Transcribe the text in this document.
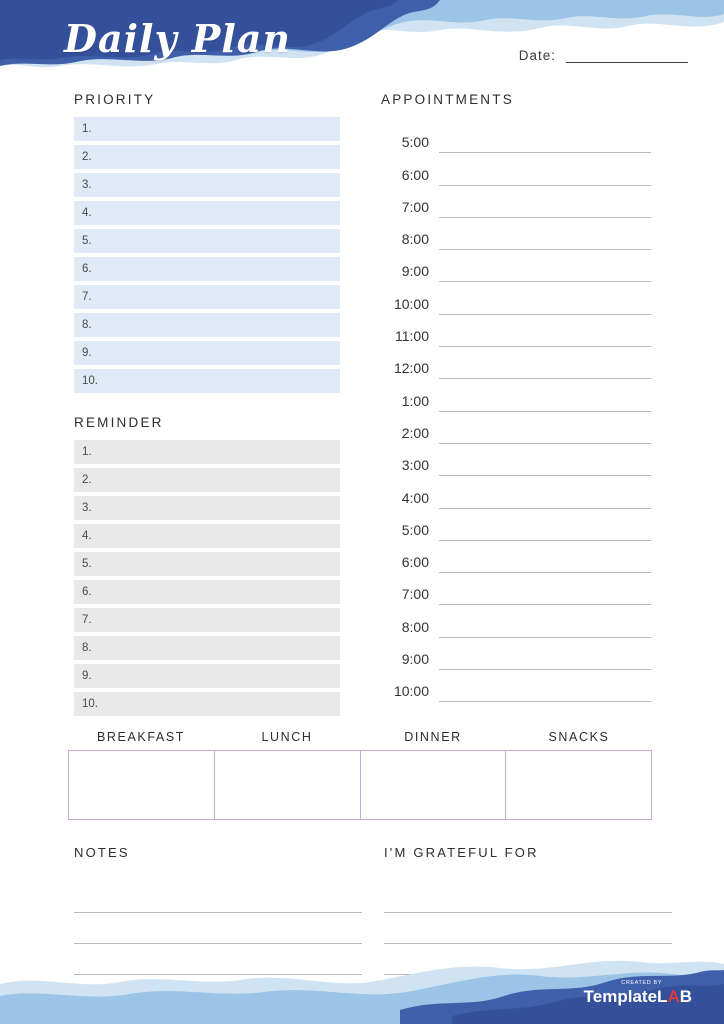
Daily Plan	Date:
PRIORITY
1.
2.
3.
4.
5.
6.
7.
8.
9.
10.
REMINDER
1.
2.
3.
4.
5.
6.
7.
8.
9.
10.
APPOINTMENTS
5:00
6:00
7:00
8:00
9:00
10:00
11:00
12:00
1:00
2:00
3:00
4:00
5:00
6:00
7:00
8:00
9:00
10:00
BREAKFAST	LUNCH	DINNER	SNACKS
NOTES	I'M GRATEFUL FOR
CREATED BY
TemplateLAB
